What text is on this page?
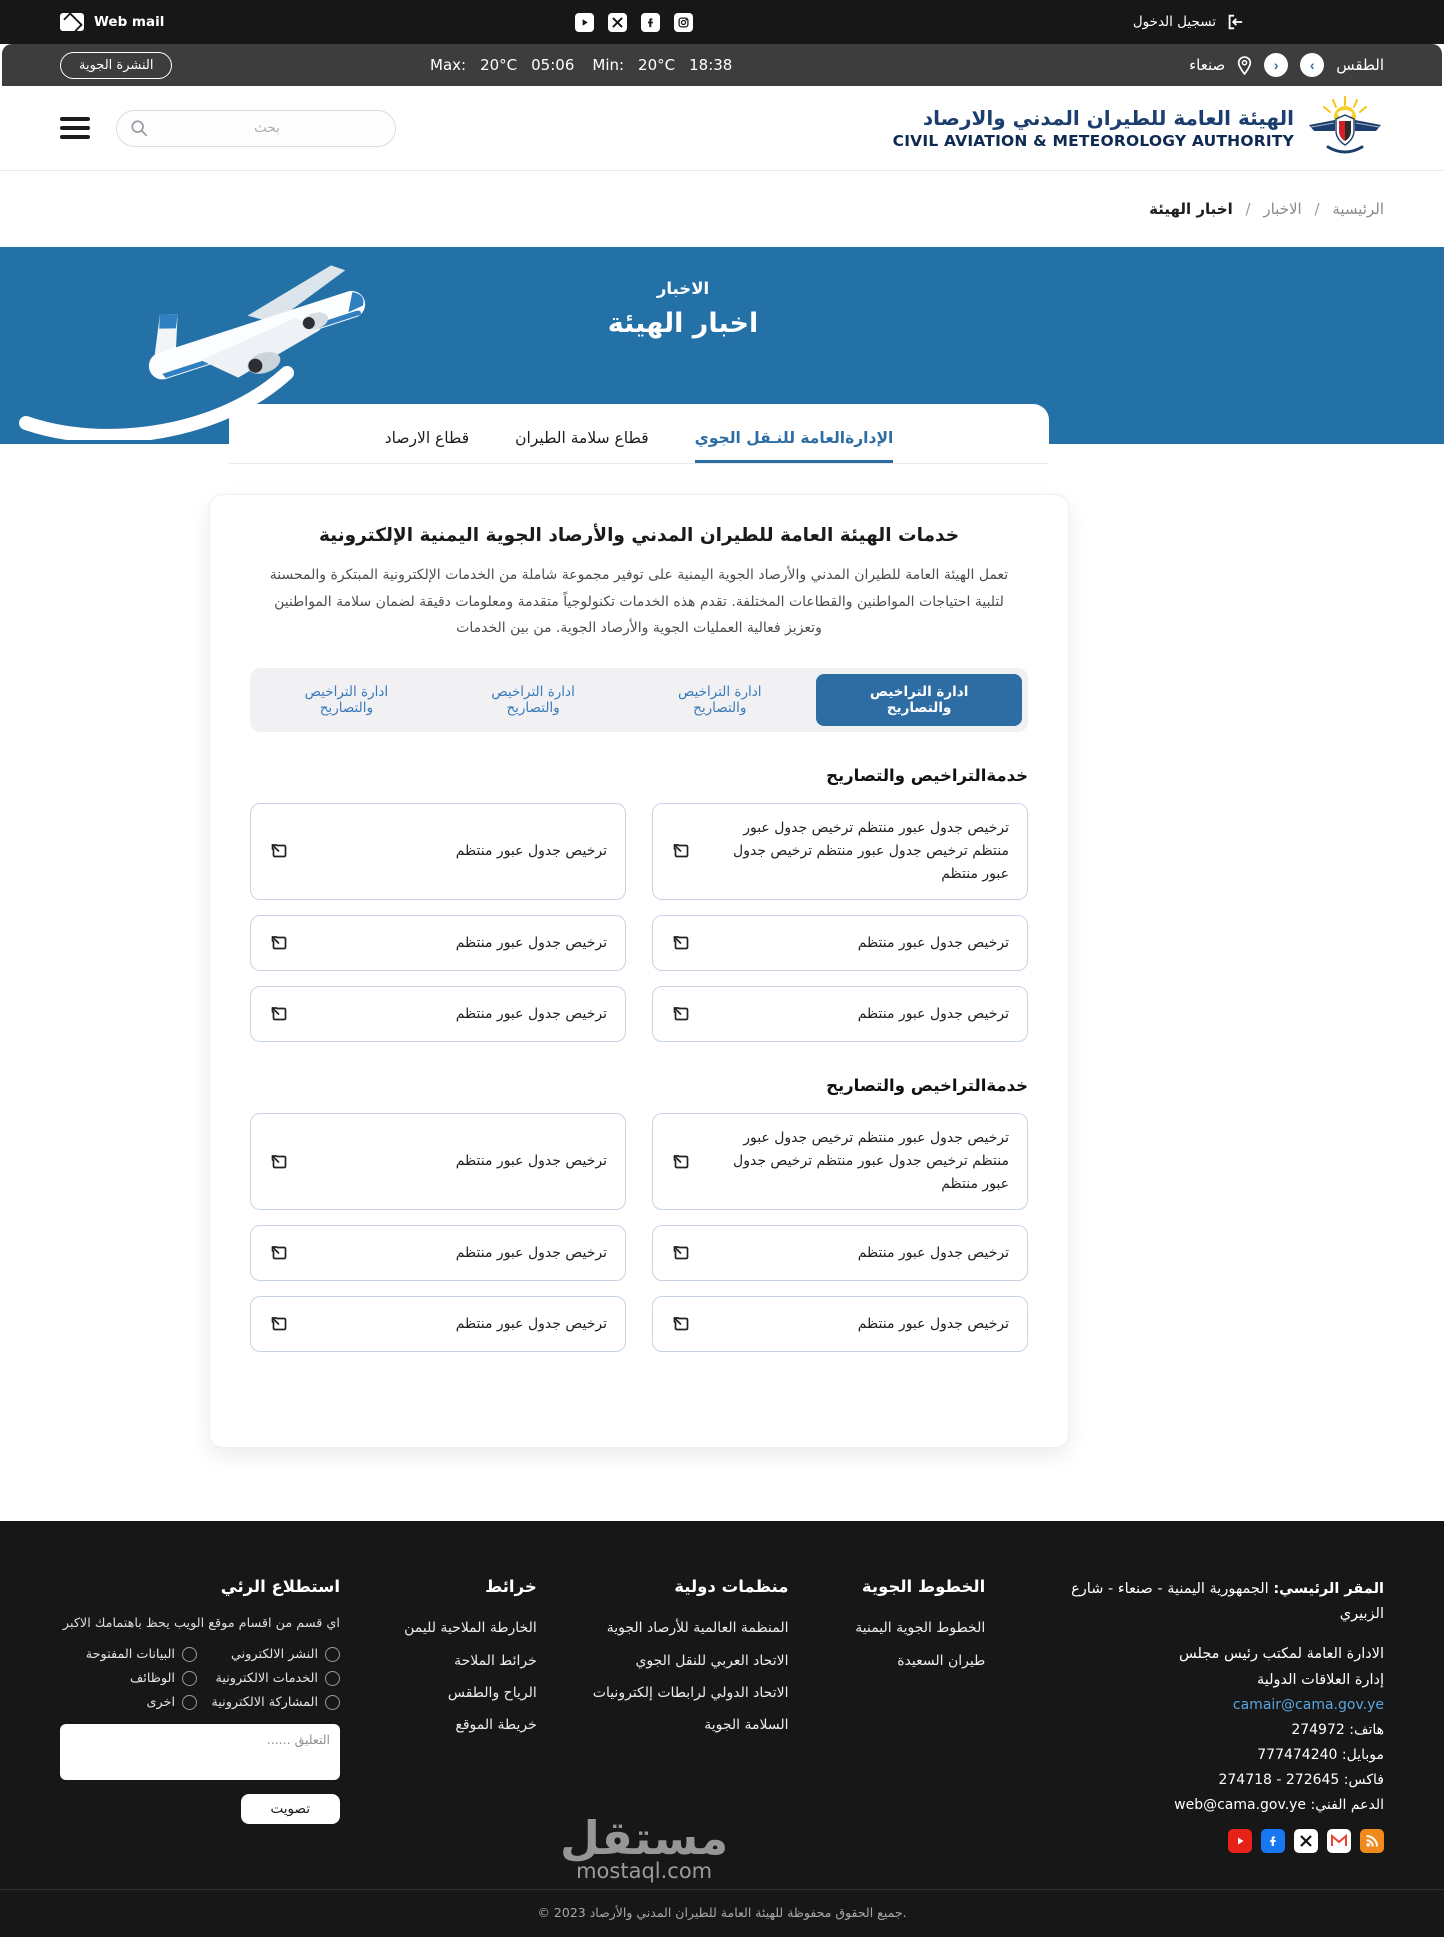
Web mail	تسجيل الدخول
النشرة الجوية	Max: 20°C 05:06 Min: 20°C 18:38	الطقس
›
‹
صنعاء
بحث
الهيئة العامة للطيران المدني والارصاد
CIVIL AVIATION & METEOROLOGY AUTHORITY
الرئيسية / الاخبار / اخبار الهيئة
الاخبار
اخبار الهيئة
الإدارةالعامة للنـقل الجوي
قطاع سلامة الطيران
قطاع الارصاد
خدمات الهيئة العامة للطيران المدني والأرصاد الجوية اليمنية الإلكترونية

تعمل الهيئة العامة للطيران المدني والأرصاد الجوية اليمنية على توفير مجموعة شاملة من الخدمات الإلكترونية المبتكرة والمحسنة لتلبية احتياجات المواطنين والقطاعات المختلفة. تقدم هذه الخدمات تكنولوجياً متقدمة ومعلومات دقيقة لضمان سلامة المواطنين وتعزيز فعالية العمليات الجوية والأرصاد الجوية. من بين الخدمات

ادارة التراخيص والتصاريح
ادارة التراخيص والتصاريح
ادارة التراخيص والتصاريح
ادارة التراخيص والتصاريح
خدمةالتراخيص والتصاريح
ترخيص جدول عبور منتظم ترخيص جدول عبور منتظم ترخيص جدول عبور منتظم ترخيص جدول عبور منتظم
ترخيص جدول عبور منتظم
ترخيص جدول عبور منتظم
ترخيص جدول عبور منتظم
ترخيص جدول عبور منتظم
ترخيص جدول عبور منتظم
خدمةالتراخيص والتصاريح
ترخيص جدول عبور منتظم ترخيص جدول عبور منتظم ترخيص جدول عبور منتظم ترخيص جدول عبور منتظم
ترخيص جدول عبور منتظم
ترخيص جدول عبور منتظم
ترخيص جدول عبور منتظم
ترخيص جدول عبور منتظم
ترخيص جدول عبور منتظم
المقر الرئيسي: الجمهورية اليمنية - صنعاء - شارع الزبيري
الادارة العامة لمكتب رئيس مجلس
إدارة العلاقات الدولية
camair@cama.gov.ye
هاتف: 274972
موبايل: 777474240
فاكس: 272645 - 274718
الدعم الفني: web@cama.gov.ye
الخطوط الجوية
الخطوط الجوية اليمنية
طيران السعيدة
منظمات دولية
المنظمة العالمية للأرصاد الجوية
الاتحاد العربي للنقل الجوي
الاتحاد الدولي لرابطات إلكترونيات
السلامة الجوية
خرائط
الخارطة الملاحية لليمن
خرائط الملاحة
الرياح والطقس
خريطة الموقع
استطلاع الرئي
اي قسم من اقسام موقع الويب يحظ باهتمامك الاكبر
النشر الالكتروني
البيانات المفتوحة
الخدمات الالكترونية
الوظائف
المشاركة الالكترونية
اخرى
التعليق ......
تصويت
مستقل
mostaql.com
© 2023 جميع الحقوق محفوظة للهيئة العامة للطيران المدني والأرصاد.
